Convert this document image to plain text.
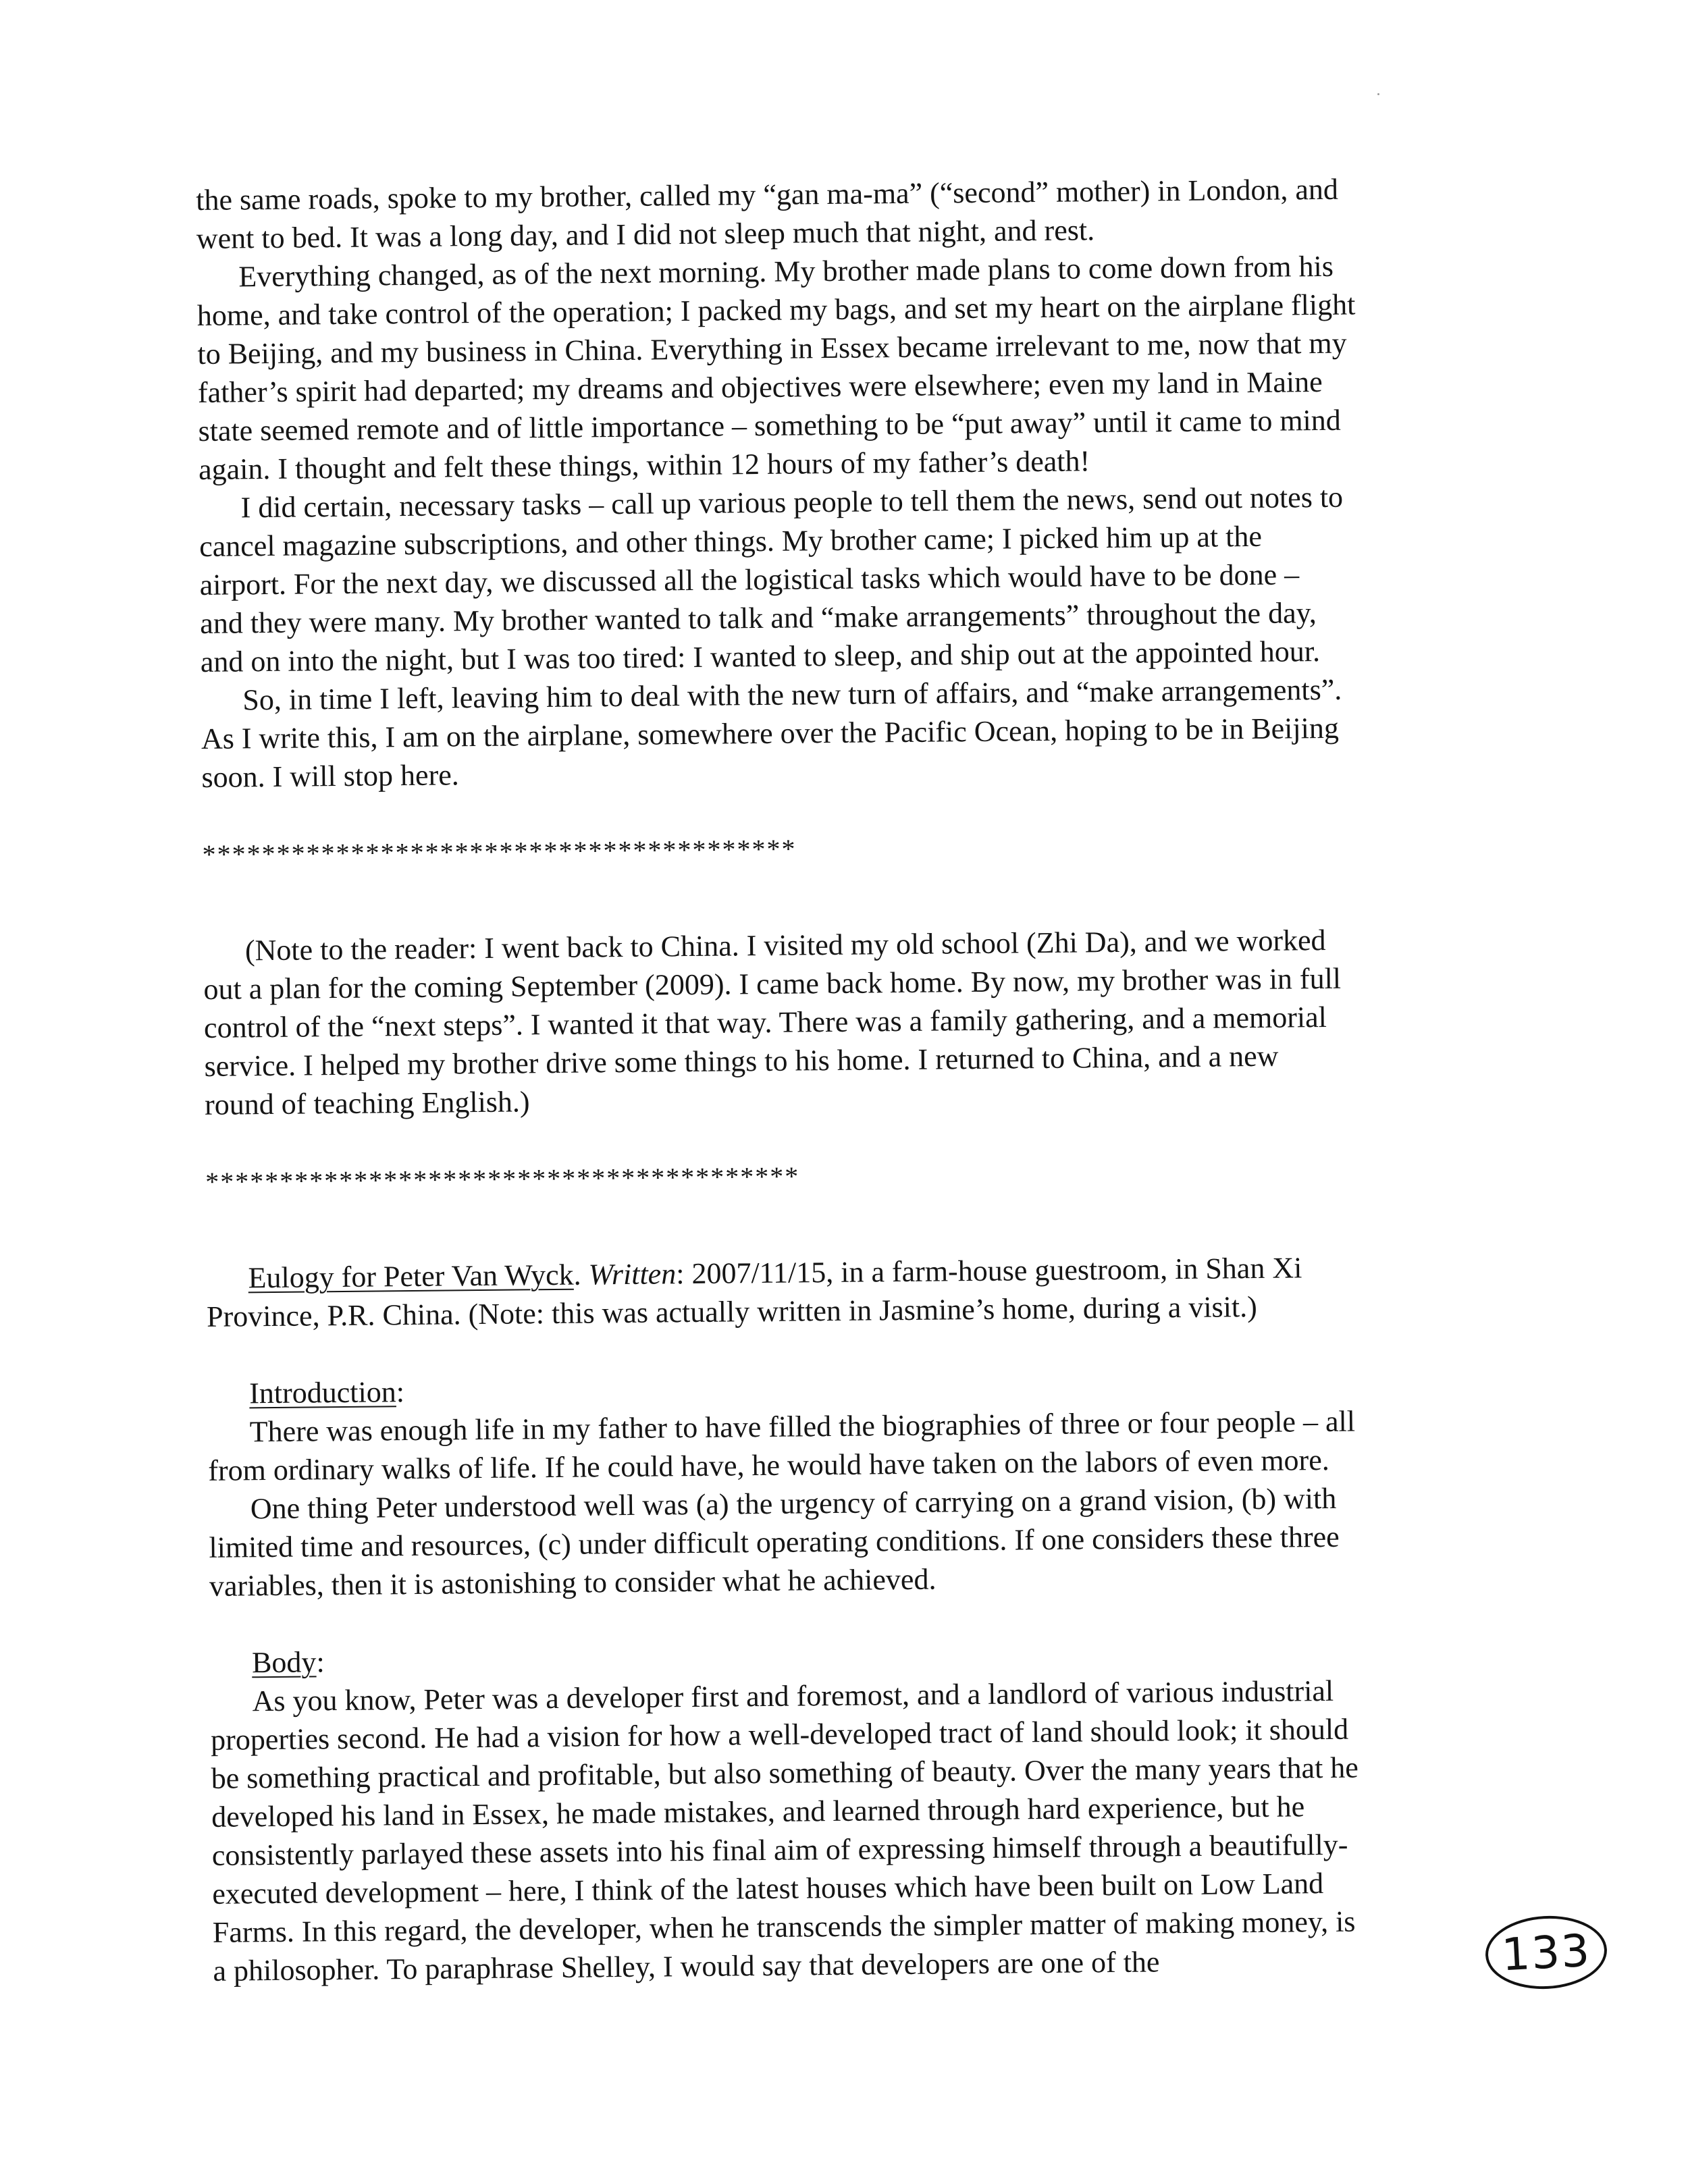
the same roads, spoke to my brother, called my “gan ma-ma” (“second” mother) in London, and
went to bed. It was a long day, and I did not sleep much that night, and rest.
Everything changed, as of the next morning. My brother made plans to come down from his
home, and take control of the operation; I packed my bags, and set my heart on the airplane flight
to Beijing, and my business in China. Everything in Essex became irrelevant to me, now that my
father’s spirit had departed; my dreams and objectives were elsewhere; even my land in Maine
state seemed remote and of little importance – something to be “put away” until it came to mind
again. I thought and felt these things, within 12 hours of my father’s death!
I did certain, necessary tasks – call up various people to tell them the news, send out notes to
cancel magazine subscriptions, and other things. My brother came; I picked him up at the
airport. For the next day, we discussed all the logistical tasks which would have to be done –
and they were many. My brother wanted to talk and “make arrangements” throughout the day,
and on into the night, but I was too tired: I wanted to sleep, and ship out at the appointed hour.
So, in time I left, leaving him to deal with the new turn of affairs, and “make arrangements”.
As I write this, I am on the airplane, somewhere over the Pacific Ocean, hoping to be in Beijing
soon. I will stop here.
****************************************
(Note to the reader: I went back to China. I visited my old school (Zhi Da), and we worked
out a plan for the coming September (2009). I came back home. By now, my brother was in full
control of the “next steps”. I wanted it that way. There was a family gathering, and a memorial
service. I helped my brother drive some things to his home. I returned to China, and a new
round of teaching English.)
****************************************
Eulogy for Peter Van Wyck. Written: 2007/11/15, in a farm-house guestroom, in Shan Xi
Province, P.R. China. (Note: this was actually written in Jasmine’s home, during a visit.)
Introduction:
There was enough life in my father to have filled the biographies of three or four people – all
from ordinary walks of life. If he could have, he would have taken on the labors of even more.
One thing Peter understood well was (a) the urgency of carrying on a grand vision, (b) with
limited time and resources, (c) under difficult operating conditions. If one considers these three
variables, then it is astonishing to consider what he achieved.
Body:
As you know, Peter was a developer first and foremost, and a landlord of various industrial
properties second. He had a vision for how a well-developed tract of land should look; it should
be something practical and profitable, but also something of beauty. Over the many years that he
developed his land in Essex, he made mistakes, and learned through hard experience, but he
consistently parlayed these assets into his final aim of expressing himself through a beautifully-
executed development – here, I think of the latest houses which have been built on Low Land
Farms. In this regard, the developer, when he transcends the simpler matter of making money, is
a philosopher. To paraphrase Shelley, I would say that developers are one of the	133
